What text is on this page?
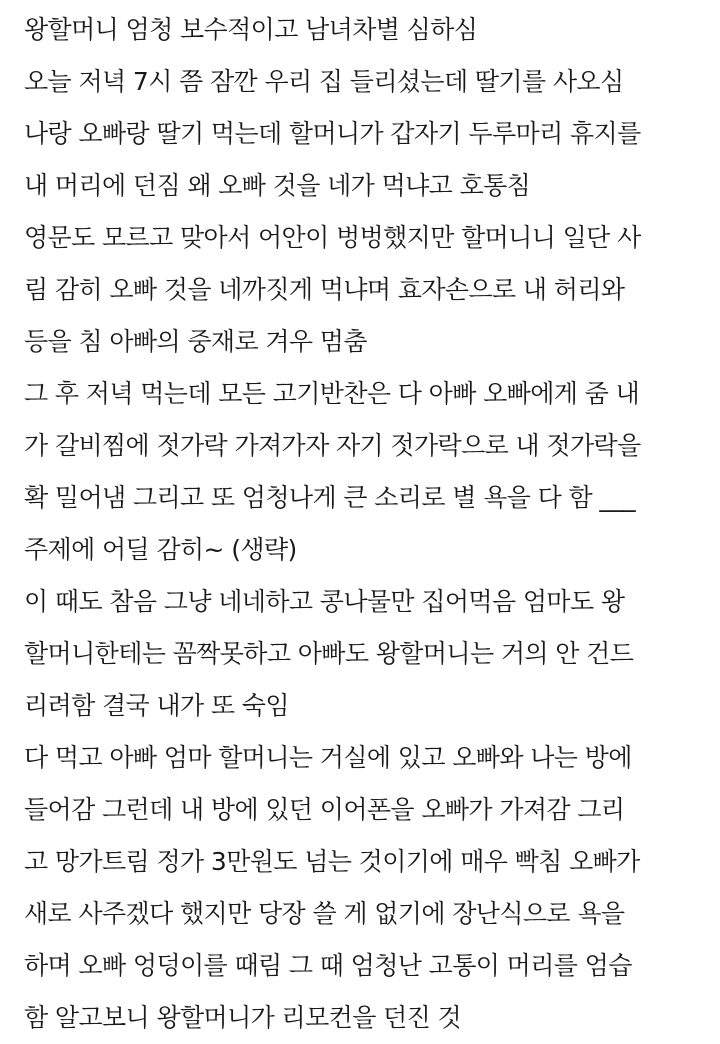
왕할머니 엄청 보수적이고 남녀차별 심하심
오늘 저녁 7시 쯤 잠깐 우리 집 들리셨는데 딸기를 사오심
나랑 오빠랑 딸기 먹는데 할머니가 갑자기 두루마리 휴지를
내 머리에 던짐 왜 오빠 것을 네가 먹냐고 호통침
영문도 모르고 맞아서 어안이 벙벙했지만 할머니니 일단 사
림 감히 오빠 것을 네까짓게 먹냐며 효자손으로 내 허리와
등을 침 아빠의 중재로 겨우 멈춤
그 후 저녁 먹는데 모든 고기반찬은 다 아빠 오빠에게 줌 내
가 갈비찜에 젓가락 가져가자 자기 젓가락으로 내 젓가락을
확 밀어냄 그리고 또 엄청나게 큰 소리로 별 욕을 다 함 ___
주제에 어딜 감히~ (생략)
이 때도 참음 그냥 네네하고 콩나물만 집어먹음 엄마도 왕
할머니한테는 꼼짝못하고 아빠도 왕할머니는 거의 안 건드
리려함 결국 내가 또 숙임
다 먹고 아빠 엄마 할머니는 거실에 있고 오빠와 나는 방에
들어감 그런데 내 방에 있던 이어폰을 오빠가 가져감 그리
고 망가트림 정가 3만원도 넘는 것이기에 매우 빡침 오빠가
새로 사주겠다 했지만 당장 쓸 게 없기에 장난식으로 욕을
하며 오빠 엉덩이를 때림 그 때 엄청난 고통이 머리를 엄습
함 알고보니 왕할머니가 리모컨을 던진 것
